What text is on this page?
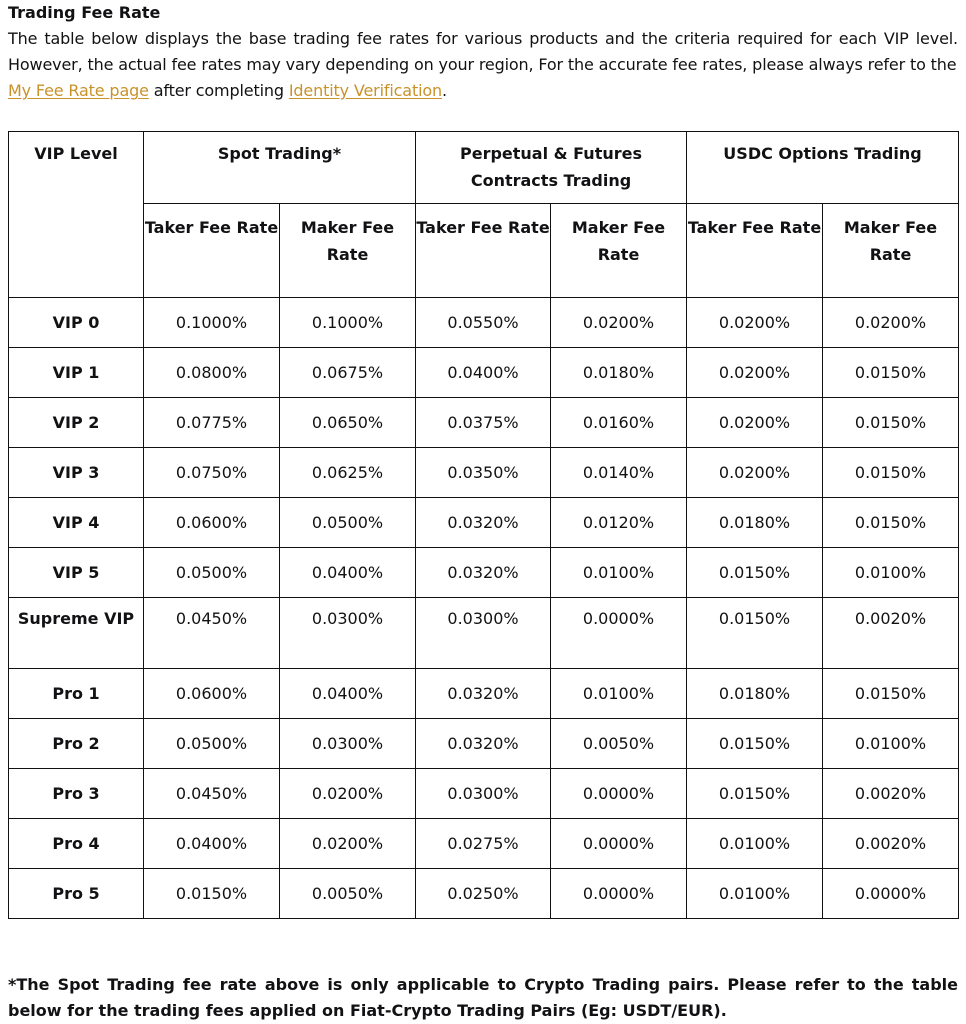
Trading Fee Rate

The table below displays the base trading fee rates for various products and the criteria required for each VIP level. However, the actual fee rates may vary depending on your region, For the accurate fee rates, please always refer to the
My Fee Rate page after completing Identity Verification.

VIP Level	Spot Trading*		Perpetual & Futures Contracts Trading		USDC Options Trading	
	Taker Fee Rate	Maker Fee Rate	Taker Fee Rate	Maker Fee Rate	Taker Fee Rate	Maker Fee Rate
VIP 0	0.1000%	0.1000%	0.0550%	0.0200%	0.0200%	0.0200%
VIP 1	0.0800%	0.0675%	0.0400%	0.0180%	0.0200%	0.0150%
VIP 2	0.0775%	0.0650%	0.0375%	0.0160%	0.0200%	0.0150%
VIP 3	0.0750%	0.0625%	0.0350%	0.0140%	0.0200%	0.0150%
VIP 4	0.0600%	0.0500%	0.0320%	0.0120%	0.0180%	0.0150%
VIP 5	0.0500%	0.0400%	0.0320%	0.0100%	0.0150%	0.0100%
Supreme VIP	0.0450%	0.0300%	0.0300%	0.0000%	0.0150%	0.0020%
Pro 1	0.0600%	0.0400%	0.0320%	0.0100%	0.0180%	0.0150%
Pro 2	0.0500%	0.0300%	0.0320%	0.0050%	0.0150%	0.0100%
Pro 3	0.0450%	0.0200%	0.0300%	0.0000%	0.0150%	0.0020%
Pro 4	0.0400%	0.0200%	0.0275%	0.0000%	0.0100%	0.0020%
Pro 5	0.0150%	0.0050%	0.0250%	0.0000%	0.0100%	0.0000%

*The Spot Trading fee rate above is only applicable to Crypto Trading pairs. Please refer to the table below for the trading fees applied on Fiat-Crypto Trading Pairs (Eg: USDT/EUR).
